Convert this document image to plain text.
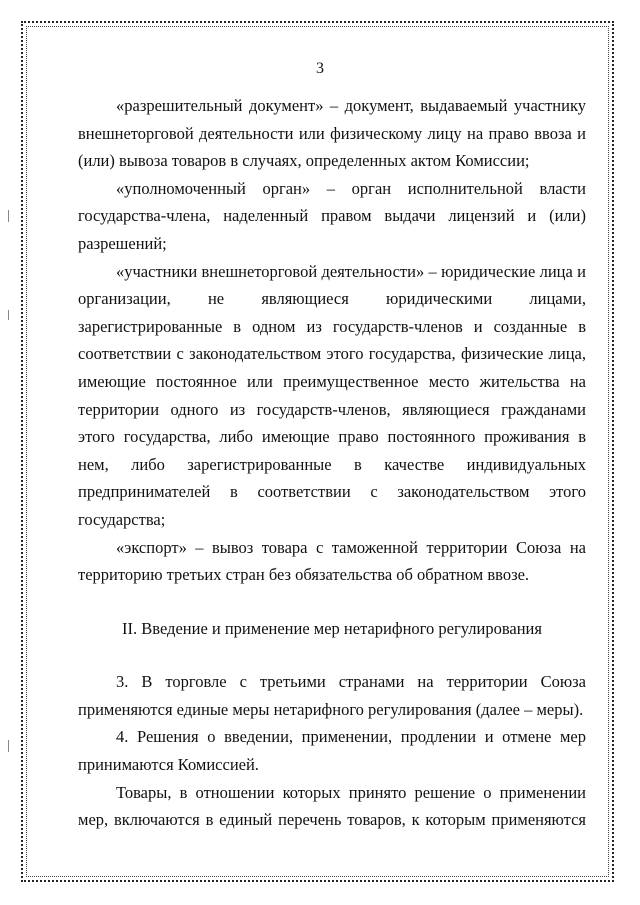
3

«разрешительный документ» – документ, выдаваемый участнику внешнеторговой деятельности или физическому лицу на право ввоза и (или) вывоза товаров в случаях, определенных актом Комиссии;

«уполномоченный орган» – орган исполнительной власти государства-члена, наделенный правом выдачи лицензий и (или) разрешений;

«участники внешнеторговой деятельности» – юридические лица и организации, не являющиеся юридическими лицами, зарегистрированные в одном из государств-членов и созданные в соответствии с законодательством этого государства, физические лица, имеющие постоянное или преимущественное место жительства на территории одного из государств-членов, являющиеся гражданами этого государства, либо имеющие право постоянного проживания в нем, либо зарегистрированные в качестве индивидуальных предпринимателей в соответствии с законодательством этого государства;

«экспорт» – вывоз товара с таможенной территории Союза на территорию третьих стран без обязательства об обратном ввозе.

II. Введение и применение мер нетарифного регулирования

3. В торговле с третьими странами на территории Союза применяются единые меры нетарифного регулирования (далее – меры).

4. Решения о введении, применении, продлении и отмене мер принимаются Комиссией.

Товары, в отношении которых принято решение о применении мер, включаются в единый перечень товаров, к которым применяются
